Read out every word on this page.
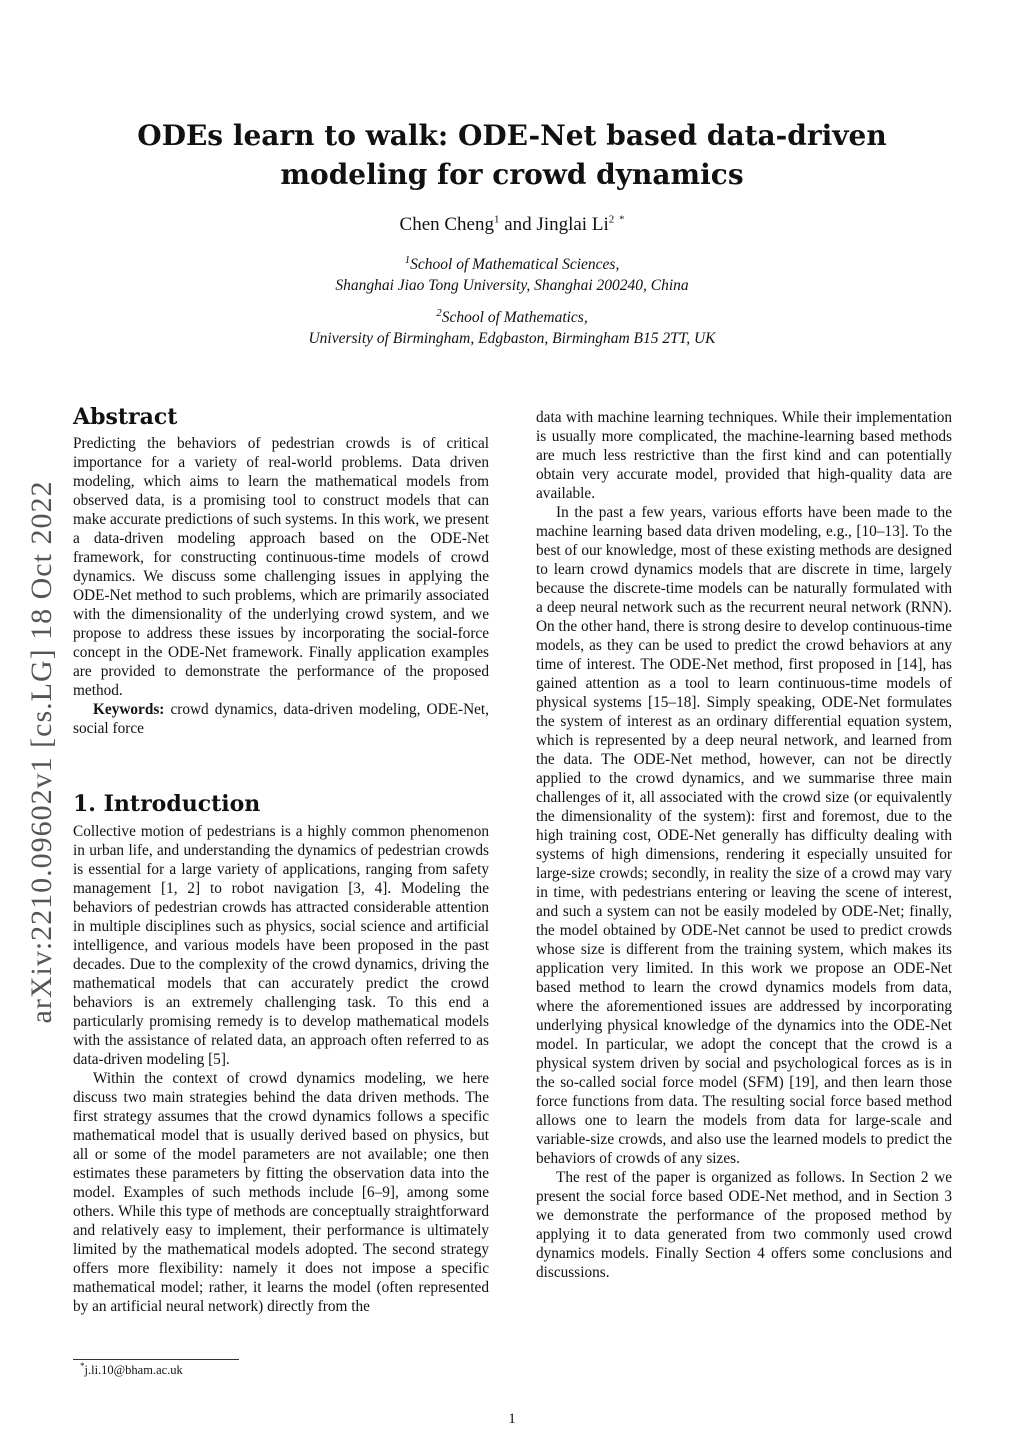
ODEs learn to walk: ODE-Net based data-driven modeling for crowd dynamics
Chen Cheng$^1$ and Jinglai Li$^2$ *
$^1$School of Mathematical Sciences,
Shanghai Jiao Tong University, Shanghai 200240, China
$^2$School of Mathematics,
University of Birmingham, Edgbaston, Birmingham B15 2TT, UK
arXiv:2210.09602v1 [cs.LG] 18 Oct 2022
Abstract

Predicting the behaviors of pedestrian crowds is of critical importance for a variety of real-world problems. Data driven modeling, which aims to learn the mathematical models from observed data, is a promising tool to construct models that can make accurate predictions of such systems. In this work, we present a data-driven modeling approach based on the ODE-Net framework, for constructing continuous-time models of crowd dynamics. We discuss some challenging issues in applying the ODE-Net method to such problems, which are primarily associated with the dimensionality of the underlying crowd system, and we propose to address these issues by incorporating the social-force concept in the ODE-Net framework. Finally application examples are provided to demonstrate the performance of the proposed method.

Keywords: crowd dynamics, data-driven modeling, ODE-Net, social force

1. Introduction

Collective motion of pedestrians is a highly common phenomenon in urban life, and understanding the dynamics of pedestrian crowds is essential for a large variety of applications, ranging from safety management [1, 2] to robot navigation [3, 4]. Modeling the behaviors of pedestrian crowds has attracted considerable attention in multiple disciplines such as physics, social science and artificial intelligence, and various models have been proposed in the past decades. Due to the complexity of the crowd dynamics, driving the mathematical models that can accurately predict the crowd behaviors is an extremely challenging task. To this end a particularly promising remedy is to develop mathematical models with the assistance of related data, an approach often referred to as data-driven modeling [5].

Within the context of crowd dynamics modeling, we here discuss two main strategies behind the data driven methods. The first strategy assumes that the crowd dynamics follows a specific mathematical model that is usually derived based on physics, but all or some of the model parameters are not available; one then estimates these parameters by fitting the observation data into the model. Examples of such methods include [6–9], among some others. While this type of methods are conceptually straightforward and relatively easy to implement, their performance is ultimately limited by the mathematical models adopted. The second strategy offers more flexibility: namely it does not impose a specific mathematical model; rather, it learns the model (often represented by an artificial neural network) directly from the

data with machine learning techniques. While their implementation is usually more complicated, the machine-learning based methods are much less restrictive than the first kind and can potentially obtain very accurate model, provided that high-quality data are available.

In the past a few years, various efforts have been made to the machine learning based data driven modeling, e.g., [10–13]. To the best of our knowledge, most of these existing methods are designed to learn crowd dynamics models that are discrete in time, largely because the discrete-time models can be naturally formulated with a deep neural network such as the recurrent neural network (RNN). On the other hand, there is strong desire to develop continuous-time models, as they can be used to predict the crowd behaviors at any time of interest. The ODE-Net method, first proposed in [14], has gained attention as a tool to learn continuous-time models of physical systems [15–18]. Simply speaking, ODE-Net formulates the system of interest as an ordinary differential equation system, which is represented by a deep neural network, and learned from the data. The ODE-Net method, however, can not be directly applied to the crowd dynamics, and we summarise three main challenges of it, all associated with the crowd size (or equivalently the dimensionality of the system): first and foremost, due to the high training cost, ODE-Net generally has difficulty dealing with systems of high dimensions, rendering it especially unsuited for large-size crowds; secondly, in reality the size of a crowd may vary in time, with pedestrians entering or leaving the scene of interest, and such a system can not be easily modeled by ODE-Net; finally, the model obtained by ODE-Net cannot be used to predict crowds whose size is different from the training system, which makes its application very limited. In this work we propose an ODE-Net based method to learn the crowd dynamics models from data, where the aforementioned issues are addressed by incorporating underlying physical knowledge of the dynamics into the ODE-Net model. In particular, we adopt the concept that the crowd is a physical system driven by social and psychological forces as is in the so-called social force model (SFM) [19], and then learn those force functions from data. The resulting social force based method allows one to learn the models from data for large-scale and variable-size crowds, and also use the learned models to predict the behaviors of crowds of any sizes.

The rest of the paper is organized as follows. In Section 2 we present the social force based ODE-Net method, and in Section 3 we demonstrate the performance of the proposed method by applying it to data generated from two commonly used crowd dynamics models. Finally Section 4 offers some conclusions and discussions.

*j.li.10@bham.ac.uk
1
